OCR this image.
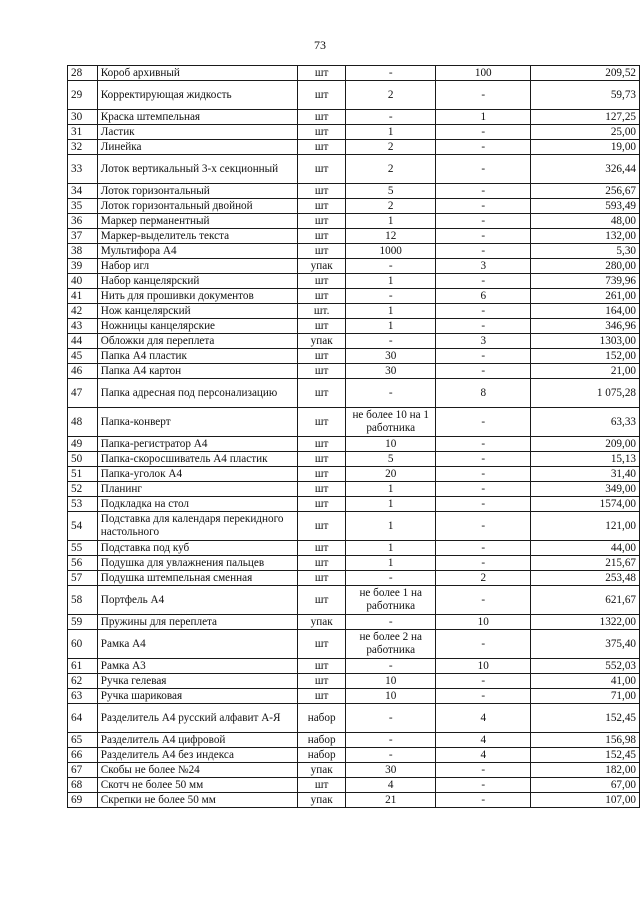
73
28	Короб архивный	шт	-	100	209,52
29	Корректирующая жидкость	шт	2	-	59,73
30	Краска штемпельная	шт	-	1	127,25
31	Ластик	шт	1	-	25,00
32	Линейка	шт	2	-	19,00
33	Лоток вертикальный 3-х секционный	шт	2	-	326,44
34	Лоток горизонтальный	шт	5	-	256,67
35	Лоток горизонтальный двойной	шт	2	-	593,49
36	Маркер перманентный	шт	1	-	48,00
37	Маркер-выделитель текста	шт	12	-	132,00
38	Мультифора А4	шт	1000	-	5,30
39	Набор игл	упак	-	3	280,00
40	Набор канцелярский	шт	1	-	739,96
41	Нить для прошивки документов	шт	-	6	261,00
42	Нож канцелярский	шт.	1	-	164,00
43	Ножницы канцелярские	шт	1	-	346,96
44	Обложки для переплета	упак	-	3	1303,00
45	Папка А4 пластик	шт	30	-	152,00
46	Папка А4 картон	шт	30	-	21,00
47	Папка адресная под персонализацию	шт	-	8	1 075,28
48	Папка-конверт	шт	не более 10 на 1 работника	-	63,33
49	Папка-регистратор А4	шт	10	-	209,00
50	Папка-скоросшиватель А4 пластик	шт	5	-	15,13
51	Папка-уголок А4	шт	20	-	31,40
52	Планинг	шт	1	-	349,00
53	Подкладка на стол	шт	1	-	1574,00
54	Подставка для календаря перекидного настольного	шт	1	-	121,00
55	Подставка под куб	шт	1	-	44,00
56	Подушка для увлажнения пальцев	шт	1	-	215,67
57	Подушка штемпельная сменная	шт	-	2	253,48
58	Портфель А4	шт	не более 1 на работника	-	621,67
59	Пружины для переплета	упак	-	10	1322,00
60	Рамка А4	шт	не более 2 на работника	-	375,40
61	Рамка А3	шт	-	10	552,03
62	Ручка гелевая	шт	10	-	41,00
63	Ручка шариковая	шт	10	-	71,00
64	Разделитель А4 русский алфавит А-Я	набор	-	4	152,45
65	Разделитель А4 цифровой	набор	-	4	156,98
66	Разделитель А4 без индекса	набор	-	4	152,45
67	Скобы не более №24	упак	30	-	182,00
68	Скотч не более 50 мм	шт	4	-	67,00
69	Скрепки не более 50 мм	упак	21	-	107,00
